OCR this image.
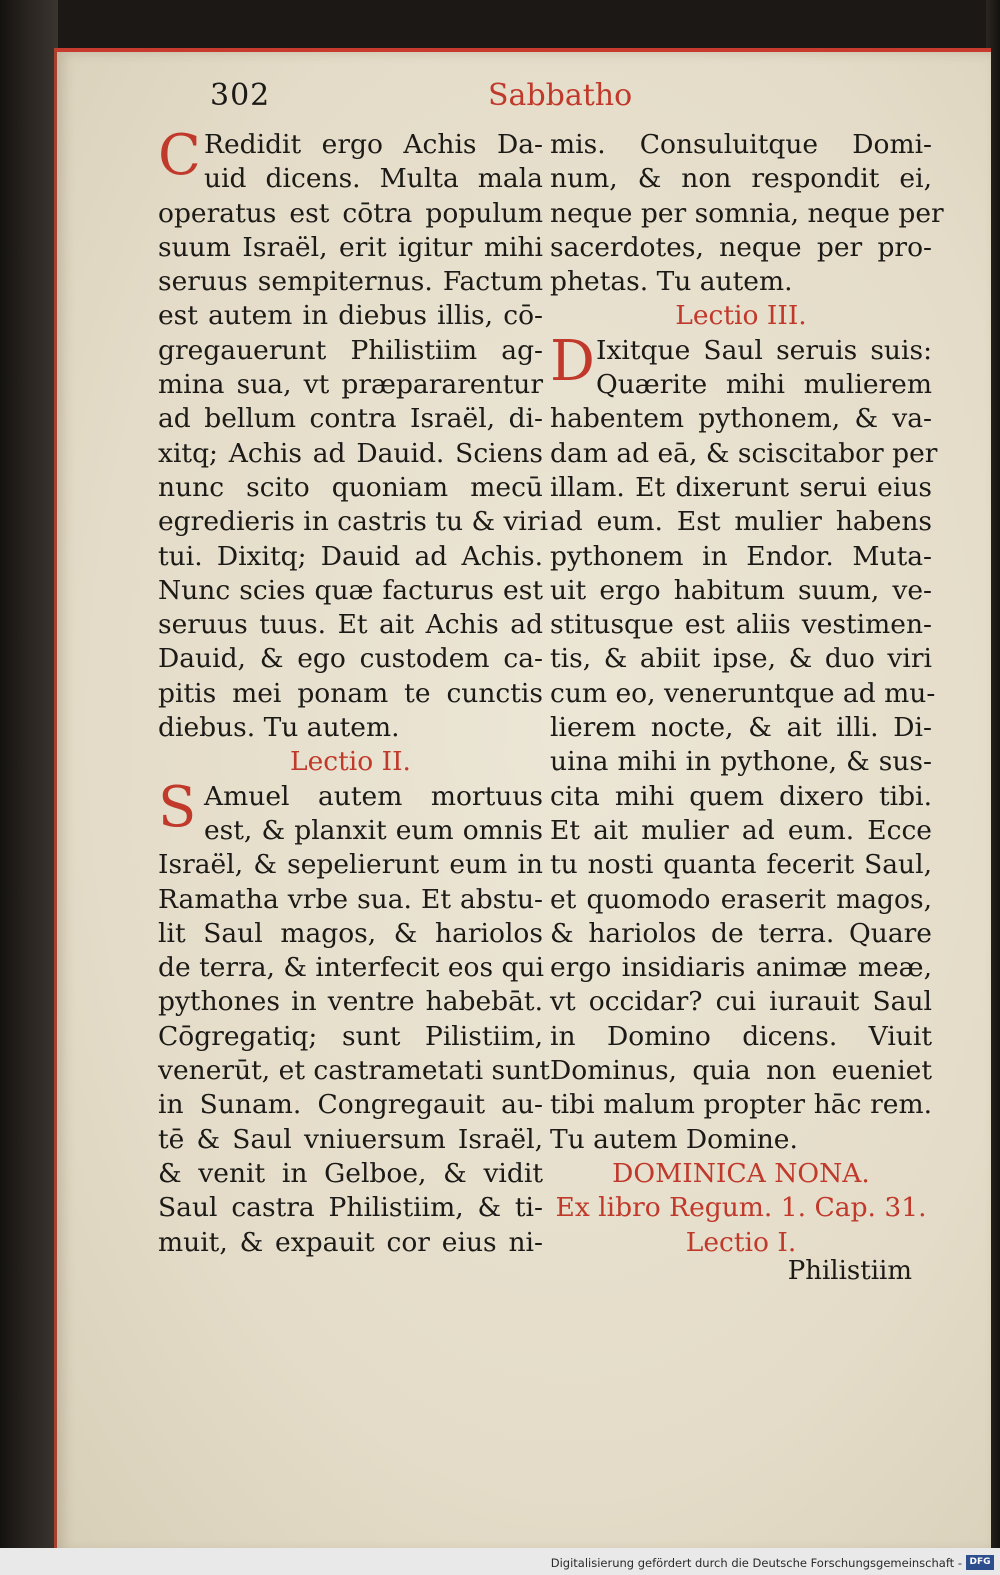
302	Sabbatho
C Redidit ergo Achis Da-
uid dicens. Multa mala
operatus est cōtra populum
suum Israël, erit igitur mihi
seruus sempiternus. Factum
est autem in diebus illis, cō-
gregauerunt Philistiim ag-
mina sua, vt præpararentur
ad bellum contra Israël, di-
xitq; Achis ad Dauid. Sciens
nunc scito quoniam mecū
egredieris in castris tu & viri
tui. Dixitq; Dauid ad Achis.
Nunc scies quæ facturus est
seruus tuus. Et ait Achis ad
Dauid, & ego custodem ca-
pitis mei ponam te cunctis
diebus. Tu autem.
Lectio II.
S Amuel autem mortuus
est, & planxit eum omnis
Israël, & sepelierunt eum in
Ramatha vrbe sua. Et abstu-
lit Saul magos, & hariolos
de terra, & interfecit eos qui
pythones in ventre habebāt.
Cōgregatiq; sunt Pilistiim,
venerūt, et castrametati sunt
in Sunam. Congregauit au-
tē & Saul vniuersum Israël,
& venit in Gelboe, & vidit
Saul castra Philistiim, & ti-
muit, & expauit cor eius ni-
mis. Consuluitque Domi-
num, & non respondit ei,
neque per somnia, neque per
sacerdotes, neque per pro-
phetas. Tu autem.
Lectio III.
D Ixitque Saul seruis suis:
Quærite mihi mulierem
habentem pythonem, & va-
dam ad eā, & sciscitabor per
illam. Et dixerunt serui eius
ad eum. Est mulier habens
pythonem in Endor. Muta-
uit ergo habitum suum, ve-
stitusque est aliis vestimen-
tis, & abiit ipse, & duo viri
cum eo, veneruntque ad mu-
lierem nocte, & ait illi. Di-
uina mihi in pythone, & sus-
cita mihi quem dixero tibi.
Et ait mulier ad eum. Ecce
tu nosti quanta fecerit Saul,
et quomodo eraserit magos,
& hariolos de terra. Quare
ergo insidiaris animæ meæ,
vt occidar? cui iurauit Saul
in Domino dicens. Viuit
Dominus, quia non eueniet
tibi malum propter hāc rem.
Tu autem Domine.
DOMINICA NONA.
Ex libro Regum. 1. Cap. 31.
Lectio I.
Philistiim
Digitalisierung gefördert durch die Deutsche Forschungsgemeinschaft - DFG
